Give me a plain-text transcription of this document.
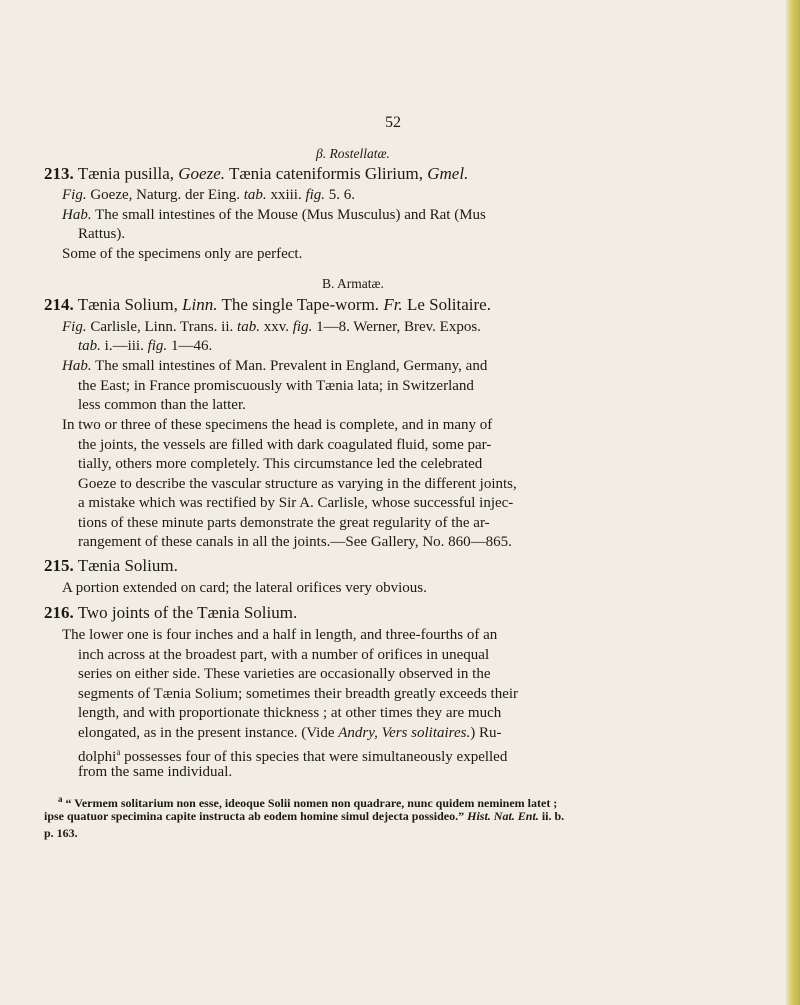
52
β. Rostellatæ.
213. Tænia pusilla, Goeze. Tænia cateniformis Glirium, Gmel.
Fig. Goeze, Naturg. der Eing. tab. xxiii. fig. 5. 6.
Hab. The small intestines of the Mouse (Mus Musculus) and Rat (Mus
Rattus).
Some of the specimens only are perfect.
B. Armatæ.
214. Tænia Solium, Linn. The single Tape-worm. Fr. Le Solitaire.
Fig. Carlisle, Linn. Trans. ii. tab. xxv. fig. 1—8. Werner, Brev. Expos.
tab. i.—iii. fig. 1—46.
Hab. The small intestines of Man. Prevalent in England, Germany, and
the East; in France promiscuously with Tænia lata; in Switzerland
less common than the latter.
In two or three of these specimens the head is complete, and in many of
the joints, the vessels are filled with dark coagulated fluid, some par-
tially, others more completely. This circumstance led the celebrated
Goeze to describe the vascular structure as varying in the different joints,
a mistake which was rectified by Sir A. Carlisle, whose successful injec-
tions of these minute parts demonstrate the great regularity of the ar-
rangement of these canals in all the joints.—See Gallery, No. 860—865.
215. Tænia Solium.
A portion extended on card; the lateral orifices very obvious.
216. Two joints of the Tænia Solium.
The lower one is four inches and a half in length, and three-fourths of an
inch across at the broadest part, with a number of orifices in unequal
series on either side. These varieties are occasionally observed in the
segments of Tænia Solium; sometimes their breadth greatly exceeds their
length, and with proportionate thickness ; at other times they are much
elongated, as in the present instance. (Vide Andry, Vers solitaires.) Ru-
dolphi$^a$ possesses four of this species that were simultaneously expelled
from the same individual.
$^a$ “ Vermem solitarium non esse, ideoque Solii nomen non quadrare, nunc quidem neminem latet ;
ipse quatuor specimina capite instructa ab eodem homine simul dejecta possideo.” Hist. Nat. Ent. ii. b.
p. 163.
